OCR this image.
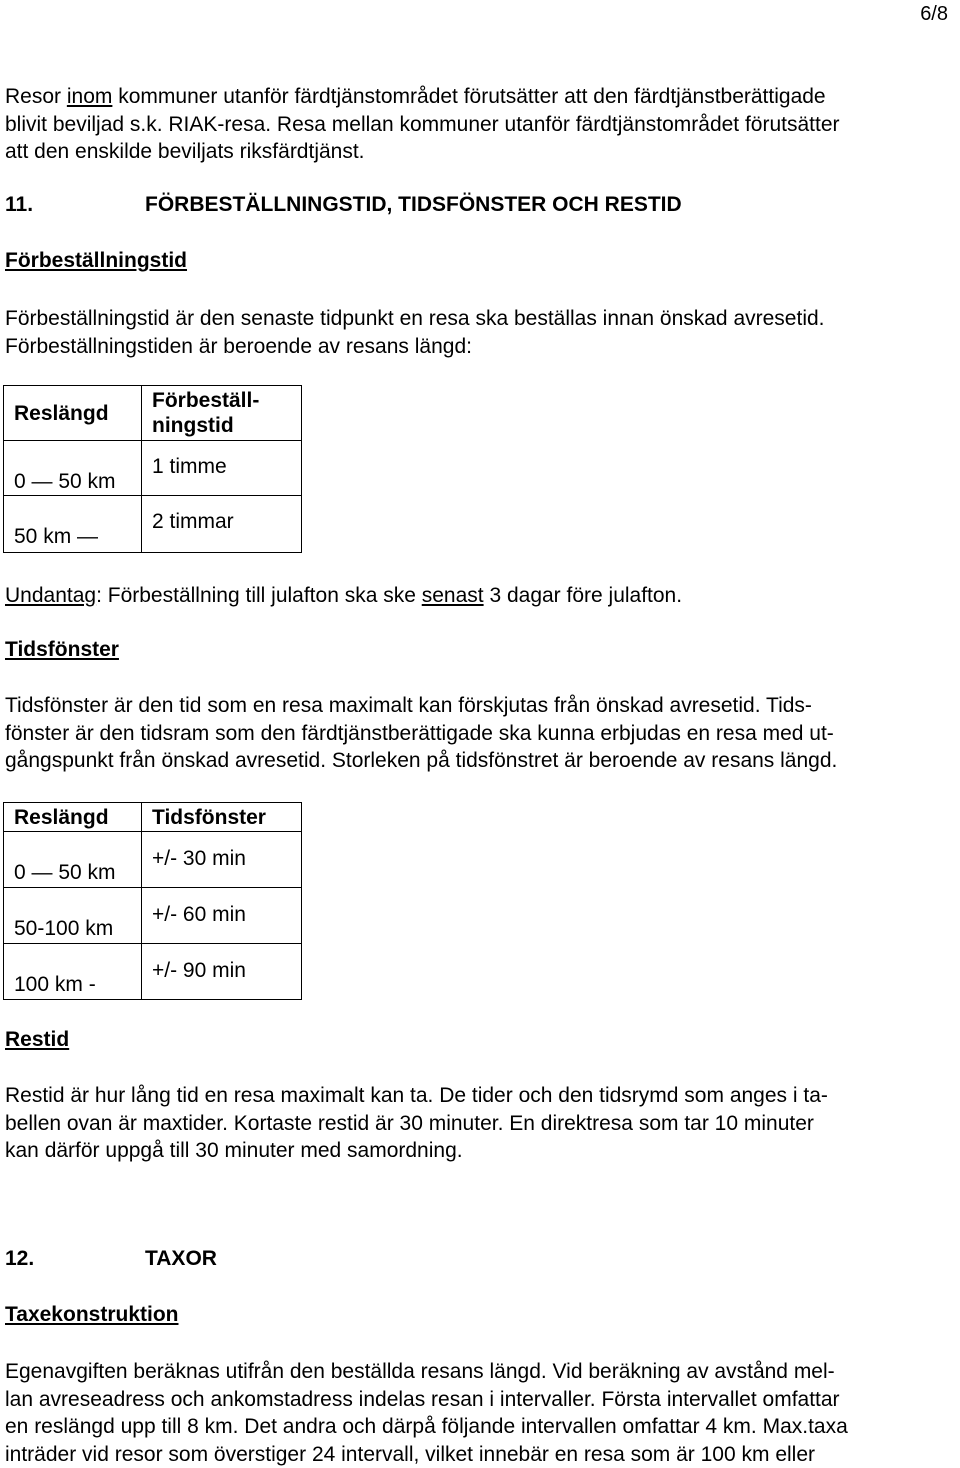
6/8
Resor inom kommuner utanför färdtjänstområdet förutsätter att den färdtjänstberättigade
blivit beviljad s.k. RIAK-resa. Resa mellan kommuner utanför färdtjänstområdet förutsätter
att den enskilde beviljats riksfärdtjänst.
11.	FÖRBESTÄLLNINGSTID, TIDSFÖNSTER OCH RESTID
Förbeställningstid
Förbeställningstid är den senaste tidpunkt en resa ska beställas innan önskad avresetid.
Förbeställningstiden är beroende av resans längd:
Reslängd	Förbeställ-
ningstid

0 — 50 km	1 timme
50 km —	2 timmar
Undantag: Förbeställning till julafton ska ske senast 3 dagar före julafton.
Tidsfönster
Tidsfönster är den tid som en resa maximalt kan förskjutas från önskad avresetid. Tids-
fönster är den tidsram som den färdtjänstberättigade ska kunna erbjudas en resa med ut-
gångspunkt från önskad avresetid. Storleken på tidsfönstret är beroende av resans längd.
Reslängd	Tidsfönster
0 — 50 km	+/- 30 min
50-100 km	+/- 60 min
100 km -	+/- 90 min
Restid
Restid är hur lång tid en resa maximalt kan ta. De tider och den tidsrymd som anges i ta-
bellen ovan är maxtider. Kortaste restid är 30 minuter. En direktresa som tar 10 minuter
kan därför uppgå till 30 minuter med samordning.
12.	TAXOR
Taxekonstruktion
Egenavgiften beräknas utifrån den beställda resans längd. Vid beräkning av avstånd mel-
lan avreseadress och ankomstadress indelas resan i intervaller. Första intervallet omfattar
en reslängd upp till 8 km. Det andra och därpå följande intervallen omfattar 4 km. Max.taxa
inträder vid resor som överstiger 24 intervall, vilket innebär en resa som är 100 km eller
